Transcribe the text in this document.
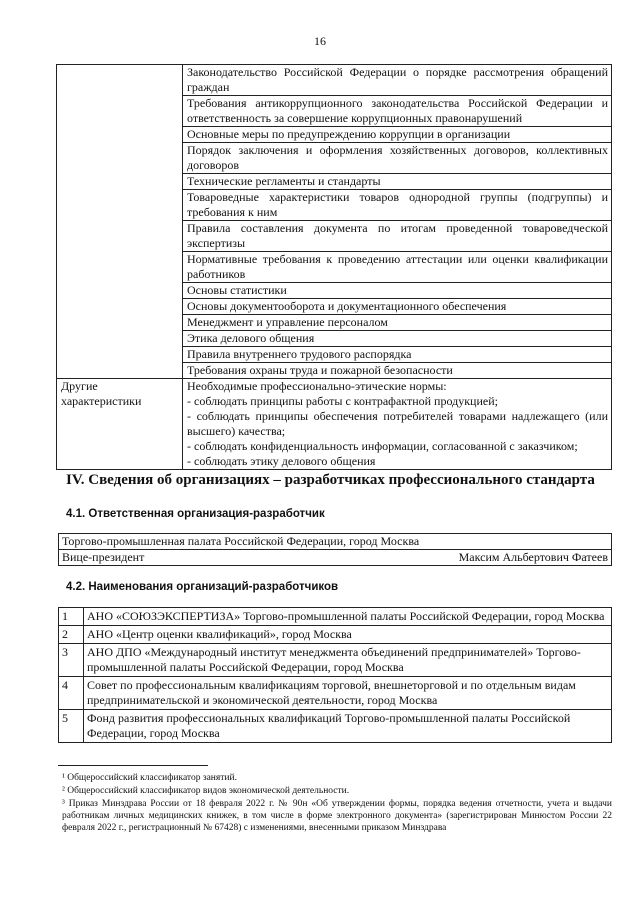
16
	Законодательство Российской Федерации о порядке рассмотрения обращений граждан
	Требования антикоррупционного законодательства Российской Федерации и ответственность за совершение коррупционных правонарушений
	Основные меры по предупреждению коррупции в организации
	Порядок заключения и оформления хозяйственных договоров, коллективных договоров
	Технические регламенты и стандарты
	Товароведные характеристики товаров однородной группы (подгруппы) и требования к ним
	Правила составления документа по итогам проведенной товароведческой экспертизы
	Нормативные требования к проведению аттестации или оценки квалификации работников
	Основы статистики
	Основы документооборота и документационного обеспечения
	Менеджмент и управление персоналом
	Этика делового общения
	Правила внутреннего трудового распорядка
	Требования охраны труда и пожарной безопасности
Другие характеристики	Необходимые профессионально-этические нормы:
- соблюдать принципы работы с контрафактной продукцией;
- соблюдать принципы обеспечения потребителей товарами надлежащего (или высшего) качества;
- соблюдать конфиденциальность информации, согласованной с заказчиком;
- соблюдать этику делового общения
IV. Сведения об организациях – разработчиках профессионального стандарта
4.1. Ответственная организация-разработчик
Торгово-промышленная палата Российской Федерации, город Москва

Вице-президент	Максим Альбертович Фатеев
4.2. Наименования организаций-разработчиков
1	АНО «СОЮЗЭКСПЕРТИЗА» Торгово-промышленной палаты Российской Федерации, город Москва
2	АНО «Центр оценки квалификаций», город Москва
3	АНО ДПО «Международный институт менеджмента объединений предпринимателей» Торгово-промышленной палаты Российской Федерации, город Москва
4	Совет по профессиональным квалификациям торговой, внешнеторговой и по отдельным видам предпринимательской и экономической деятельности, город Москва
5	Фонд развития профессиональных квалификаций Торгово-промышленной палаты Российской Федерации, город Москва
¹ Общероссийский классификатор занятий.
² Общероссийский классификатор видов экономической деятельности.
³ Приказ Минздрава России от 18 февраля 2022 г. № 90н «Об утверждении формы, порядка ведения отчетности, учета и выдачи работникам личных медицинских книжек, в том числе в форме электронного документа» (зарегистрирован Минюстом России 22 февраля 2022 г., регистрационный № 67428) с изменениями, внесенными приказом Минздрава
